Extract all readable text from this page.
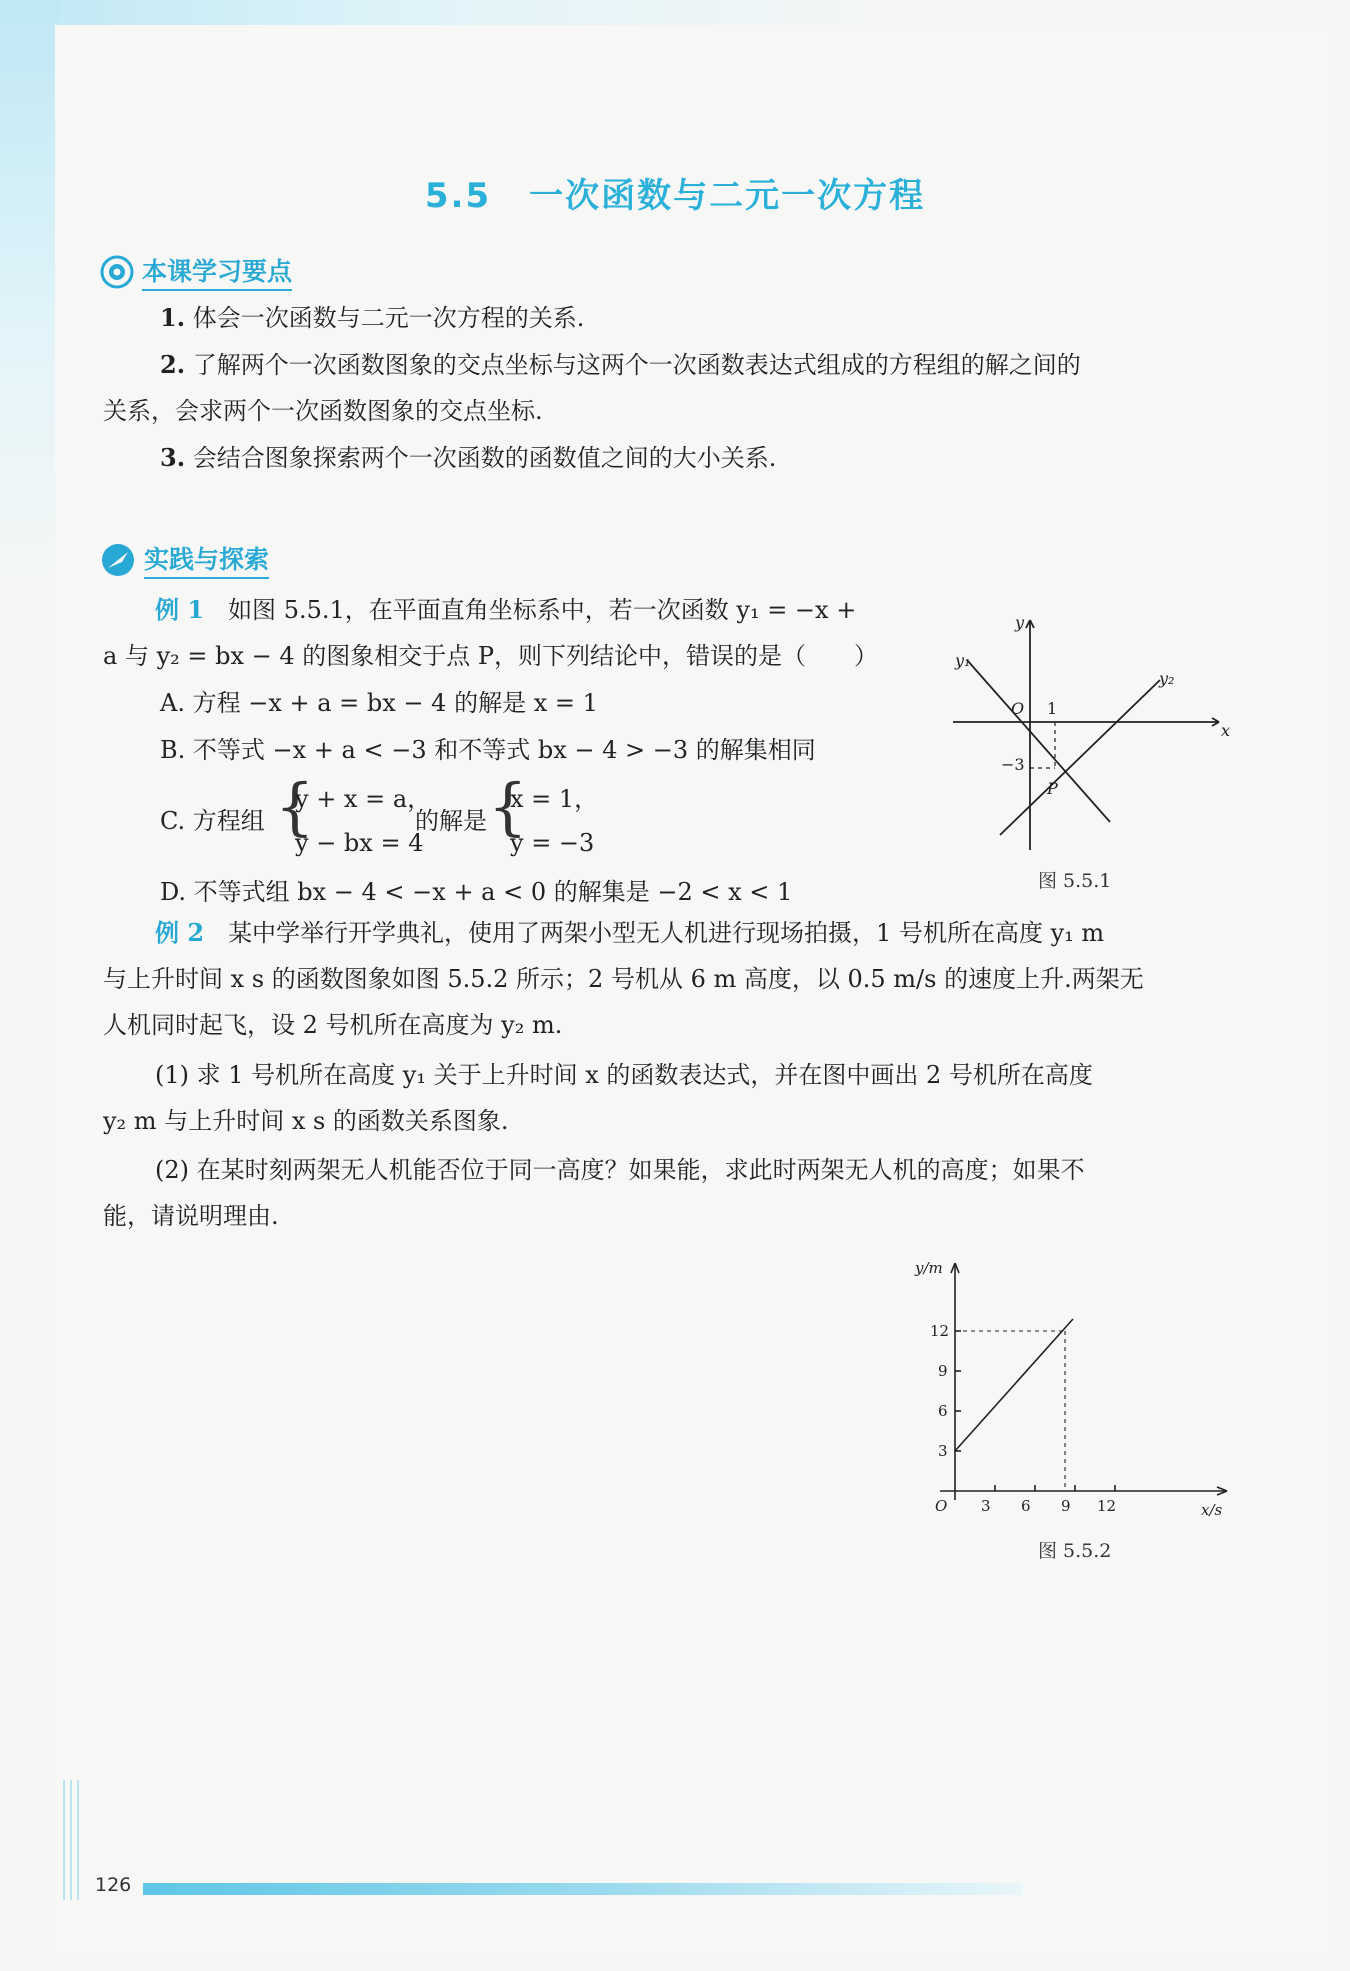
5.5 一次函数与二元一次方程
本课学习要点
1. 体会一次函数与二元一次方程的关系.
2. 了解两个一次函数图象的交点坐标与这两个一次函数表达式组成的方程组的解之间的
关系，会求两个一次函数图象的交点坐标.
3. 会结合图象探索两个一次函数的函数值之间的大小关系.
实践与探索
例 1　 如图 5.5.1，在平面直角坐标系中，若一次函数 y₁ = −x +
a 与 y₂ = bx − 4 的图象相交于点 P，则下列结论中，错误的是（　　）
A. 方程 −x + a = bx − 4 的解是 x = 1
B. 不等式 −x + a < −3 和不等式 bx − 4 > −3 的解集相同
C. 方程组 {
y + x = a，
y − bx = 4
的解是 {
x = 1，
y = −3
D. 不等式组 bx − 4 < −x + a < 0 的解集是 −2 < x < 1
y
x
O 1
−3
P
y₁
y₂
图 5.5.1
例 2　 某中学举行开学典礼，使用了两架小型无人机进行现场拍摄，1 号机所在高度 y₁ m
与上升时间 x s 的函数图象如图 5.5.2 所示；2 号机从 6 m 高度，以 0.5 m/s 的速度上升.两架无
人机同时起飞，设 2 号机所在高度为 y₂ m.
(1) 求 1 号机所在高度 y₁ 关于上升时间 x 的函数表达式，并在图中画出 2 号机所在高度
y₂ m 与上升时间 x s 的函数关系图象.
(2) 在某时刻两架无人机能否位于同一高度？如果能，求此时两架无人机的高度；如果不
能，请说明理由.
y/m
x/s
O
3
6
9
12
3 6 9 12
图 5.5.2
126
